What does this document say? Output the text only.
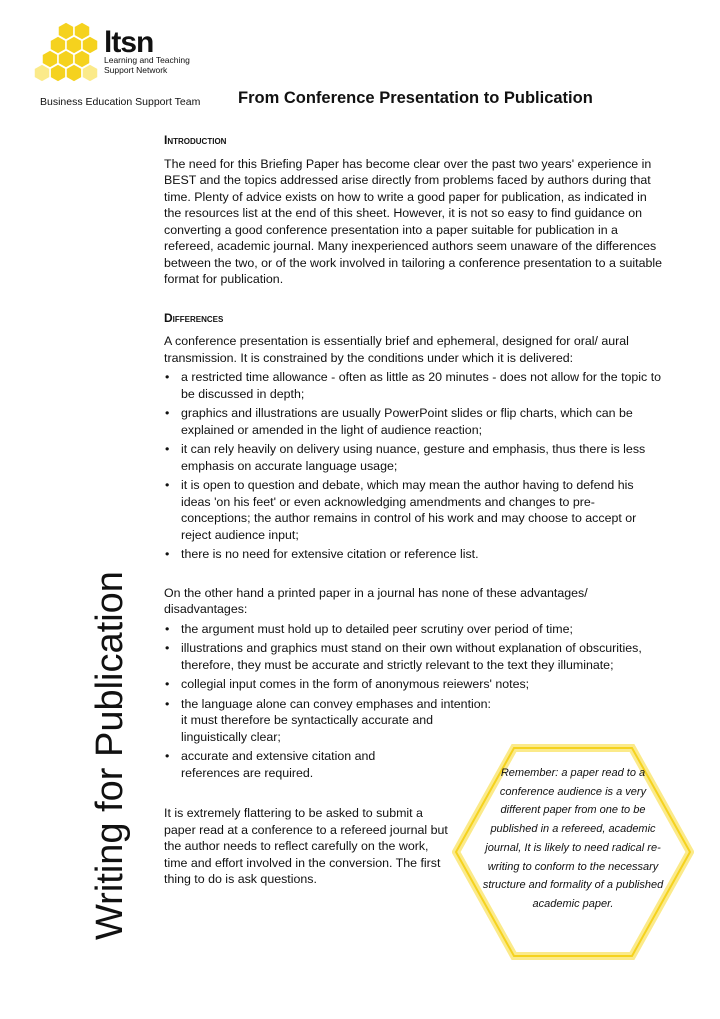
ltsn
Learning and Teaching
Support Network
Business Education Support Team From Conference Presentation to Publication
Introduction

The need for this Briefing Paper has become clear over the past two years' experience in BEST and the topics addressed arise directly from problems faced by authors during that time. Plenty of advice exists on how to write a good paper for publication, as indicated in the resources list at the end of this sheet. However, it is not so easy to find guidance on converting a good conference presentation into a paper suitable for publication in a refereed, academic journal. Many inexperienced authors seem unaware of the differences between the two, or of the work involved in tailoring a conference presentation to a suitable format for publication.

Differences

A conference presentation is essentially brief and ephemeral, designed for oral/ aural transmission. It is constrained by the conditions under which it is delivered:

• a restricted time allowance - often as little as 20 minutes - does not allow for the topic to be discussed in depth;
• graphics and illustrations are usually PowerPoint slides or flip charts, which can be explained or amended in the light of audience reaction;
• it can rely heavily on delivery using nuance, gesture and emphasis, thus there is less emphasis on accurate language usage;
• it is open to question and debate, which may mean the author having to defend his ideas 'on his feet' or even acknowledging amendments and changes to pre-conceptions; the author remains in control of his work and may choose to accept or reject audience input;
• there is no need for extensive citation or reference list.

On the other hand a printed paper in a journal has none of these advantages/ disadvantages:

• the argument must hold up to detailed peer scrutiny over period of time;
• illustrations and graphics must stand on their own without explanation of obscurities, therefore, they must be accurate and strictly relevant to the text they illuminate;
• collegial input comes in the form of anonymous reiewers' notes;
• the language alone can convey emphases and intention: it must therefore be syntactically accurate and linguistically clear;
• accurate and extensive citation and references are required.

It is extremely flattering to be asked to submit a paper read at a conference to a refereed journal but the author needs to reflect carefully on the work, time and effort involved in the conversion. The first thing to do is ask questions.

Writing for Publication	Remember: a paper read to a conference audience is a very different paper from one to be published in a refereed, academic journal, It is likely to need radical re-writing to conform to the necessary structure and formality of a published academic paper.
